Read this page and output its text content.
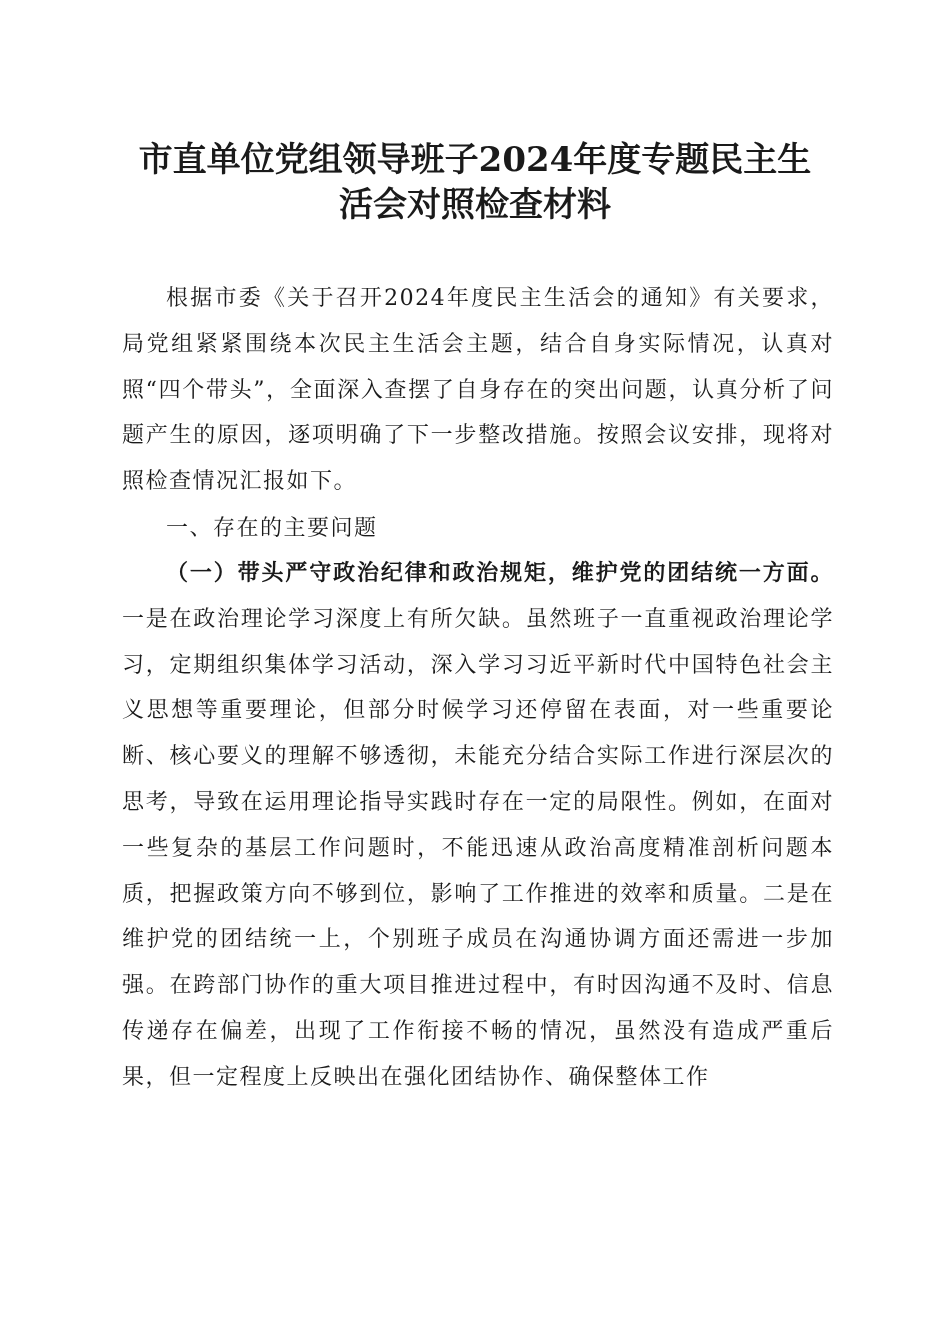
市直单位党组领导班子2024年度专题民主生
活会对照检查材料

根据市委《关于召开2024年度民主生活会的通知》有关要求，局党组紧紧围绕本次民主生活会主题，结合自身实际情况，认真对照“四个带头”，全面深入查摆了自身存在的突出问题，认真分析了问题产生的原因，逐项明确了下一步整改措施。按照会议安排，现将对照检查情况汇报如下。

一、存在的主要问题

（一）带头严守政治纪律和政治规矩，维护党的团结统一方面。一是在政治理论学习深度上有所欠缺。虽然班子一直重视政治理论学习，定期组织集体学习活动，深入学习习近平新时代中国特色社会主义思想等重要理论，但部分时候学习还停留在表面，对一些重要论断、核心要义的理解不够透彻，未能充分结合实际工作进行深层次的思考，导致在运用理论指导实践时存在一定的局限性。例如，在面对一些复杂的基层工作问题时，不能迅速从政治高度精准剖析问题本质，把握政策方向不够到位，影响了工作推进的效率和质量。二是在维护党的团结统一上，个别班子成员在沟通协调方面还需进一步加强。在跨部门协作的重大项目推进过程中，有时因沟通不及时、信息传递存在偏差，出现了工作衔接不畅的情况，虽然没有造成严重后果，但一定程度上反映出在强化团结协作、确保整体工作
